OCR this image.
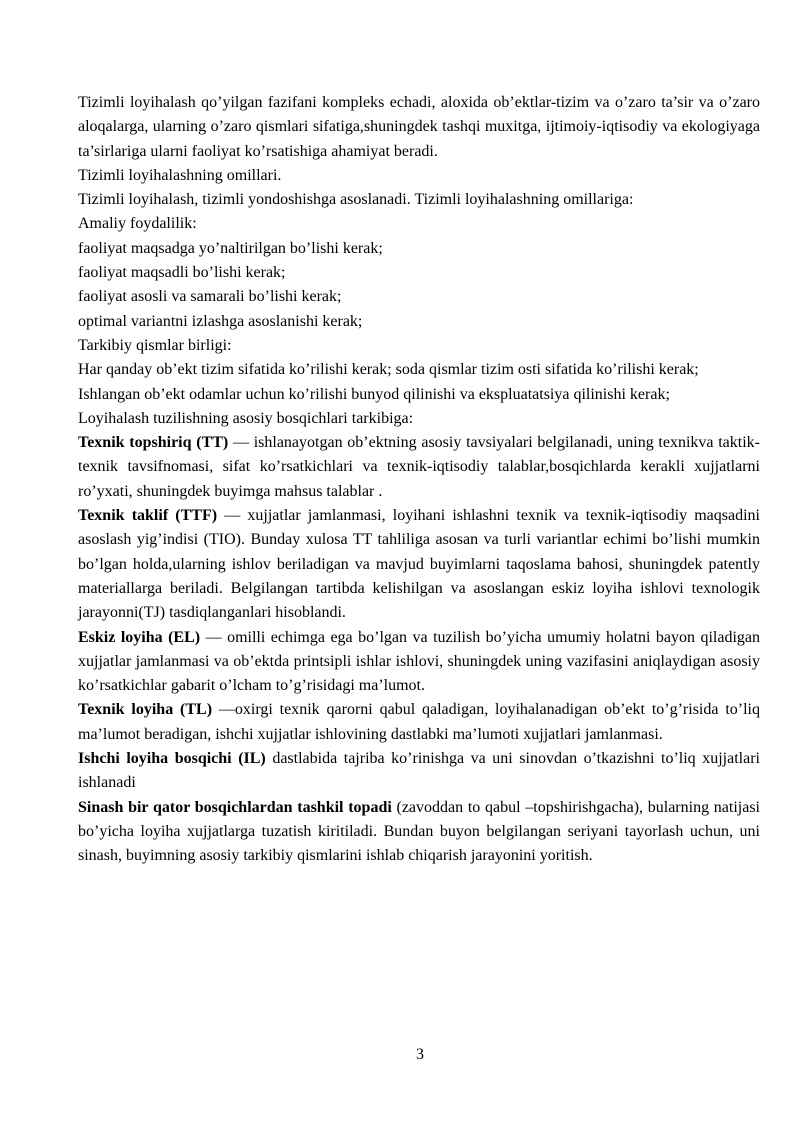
Tizimli loyihalash qo’yilgan fazifani kompleks echadi, aloxida ob’ektlar-tizim va o’zaro ta’sir va o’zaro aloqalarga, ularning o’zaro qismlari sifatiga,shuningdek tashqi muxitga, ijtimoiy-iqtisodiy va ekologiyaga ta’sirlariga ularni faoliyat ko’rsatishiga ahamiyat beradi.

Tizimli loyihalashning omillari.

Tizimli loyihalash, tizimli yondoshishga asoslanadi. Tizimli loyihalashning omillariga:

Amaliy foydalilik:

faoliyat maqsadga yo’naltirilgan bo’lishi kerak;

faoliyat maqsadli bo’lishi kerak;

faoliyat asosli va samarali bo’lishi kerak;

optimal variantni izlashga asoslanishi kerak;

Tarkibiy qismlar birligi:

Har qanday ob’ekt tizim sifatida ko’rilishi kerak; soda qismlar tizim osti sifatida ko’rilishi kerak;

Ishlangan ob’ekt odamlar uchun ko’rilishi bunyod qilinishi va ekspluatatsiya qilinishi kerak;

Loyihalash tuzilishning asosiy bosqichlari tarkibiga:

Texnik topshiriq (TT) — ishlanayotgan ob’ektning asosiy tavsiyalari belgilanadi, uning texnikva taktik-texnik tavsifnomasi, sifat ko’rsatkichlari va texnik-iqtisodiy talablar,bosqichlarda kerakli xujjatlarni ro’yxati, shuningdek buyimga mahsus talablar .

Texnik taklif (TTF) — xujjatlar jamlanmasi, loyihani ishlashni texnik va texnik-iqtisodiy maqsadini asoslash yig’indisi (TIO). Bunday xulosa TT tahliliga asosan va turli variantlar echimi bo’lishi mumkin bo’lgan holda,ularning ishlov beriladigan va mavjud buyimlarni taqoslama bahosi, shuningdek patently materiallarga beriladi. Belgilangan tartibda kelishilgan va asoslangan eskiz loyiha ishlovi texnologik jarayonni(TJ) tasdiqlanganlari hisoblandi.

Eskiz loyiha (EL) — omilli echimga ega bo’lgan va tuzilish bo’yicha umumiy holatni bayon qiladigan xujjatlar jamlanmasi va ob’ektda printsipli ishlar ishlovi, shuningdek uning vazifasini aniqlaydigan asosiy ko’rsatkichlar gabarit o’lcham to’g’risidagi ma’lumot.

Texnik loyiha (TL) —oxirgi texnik qarorni qabul qaladigan, loyihalanadigan ob’ekt to’g’risida to’liq ma’lumot beradigan, ishchi xujjatlar ishlovining dastlabki ma’lumoti xujjatlari jamlanmasi.

Ishchi loyiha bosqichi (IL) dastlabida tajriba ko’rinishga va uni sinovdan o’tkazishni to’liq xujjatlari ishlanadi

Sinash bir qator bosqichlardan tashkil topadi (zavoddan to qabul –topshirishgacha), bularning natijasi bo’yicha loyiha xujjatlarga tuzatish kiritiladi. Bundan buyon belgilangan seriyani tayorlash uchun, uni sinash, buyimning asosiy tarkibiy qismlarini ishlab chiqarish jarayonini yoritish.

3
